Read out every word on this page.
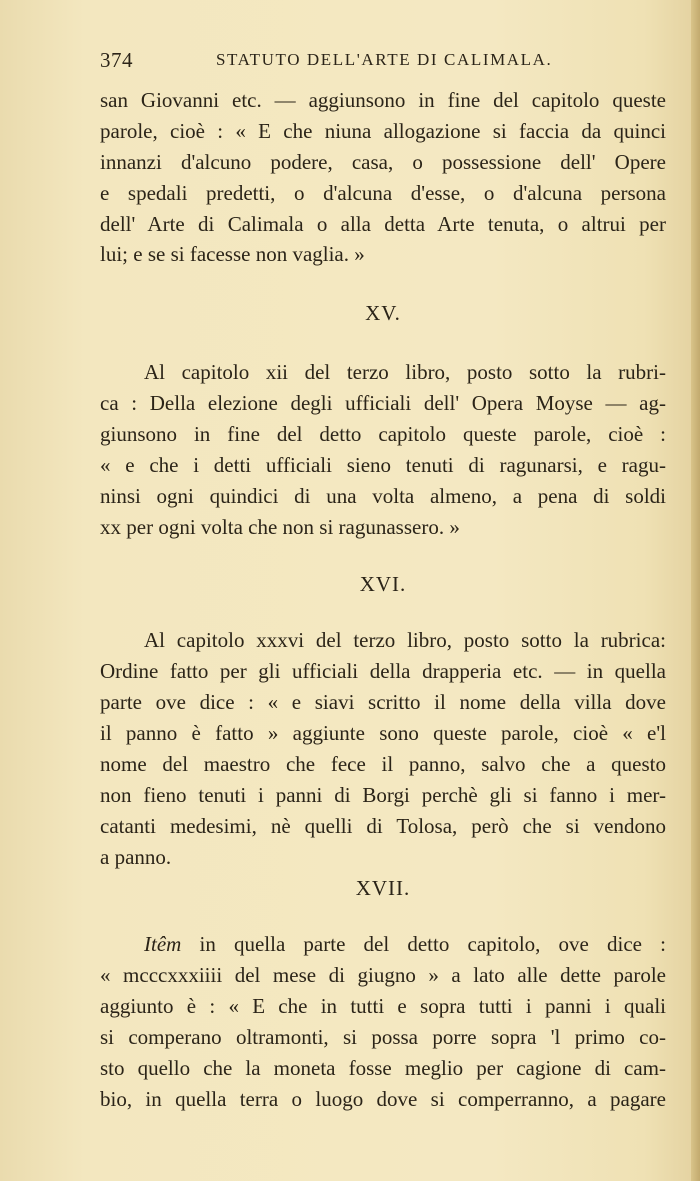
374	STATUTO DELL'ARTE DI CALIMALA.
san Giovanni etc. — aggiunsono in fine del capitolo queste
parole, cioè : « E che niuna allogazione si faccia da quinci
innanzi d'alcuno podere, casa, o possessione dell' Opere
e spedali predetti, o d'alcuna d'esse, o d'alcuna persona
dell' Arte di Calimala o alla detta Arte tenuta, o altrui per
lui; e se si facesse non vaglia. »
XV.
Al capitolo xii del terzo libro, posto sotto la rubri-
ca : Della elezione degli ufficiali dell' Opera Moyse — ag-
giunsono in fine del detto capitolo queste parole, cioè :
« e che i detti ufficiali sieno tenuti di ragunarsi, e ragu-
ninsi ogni quindici di una volta almeno, a pena di soldi
xx per ogni volta che non si ragunassero. »
XVI.
Al capitolo xxxvi del terzo libro, posto sotto la rubrica:
Ordine fatto per gli ufficiali della drapperia etc. — in quella
parte ove dice : « e siavi scritto il nome della villa dove
il panno è fatto » aggiunte sono queste parole, cioè « e'l
nome del maestro che fece il panno, salvo che a questo
non fieno tenuti i panni di Borgi perchè gli si fanno i mer-
catanti medesimi, nè quelli di Tolosa, però che si vendono
a panno.
XVII.
Itêm in quella parte del detto capitolo, ove dice :
« mcccxxxiiii del mese di giugno » a lato alle dette parole
aggiunto è : « E che in tutti e sopra tutti i panni i quali
si comperano oltramonti, si possa porre sopra 'l primo co-
sto quello che la moneta fosse meglio per cagione di cam-
bio, in quella terra o luogo dove si comperranno, a pagare
